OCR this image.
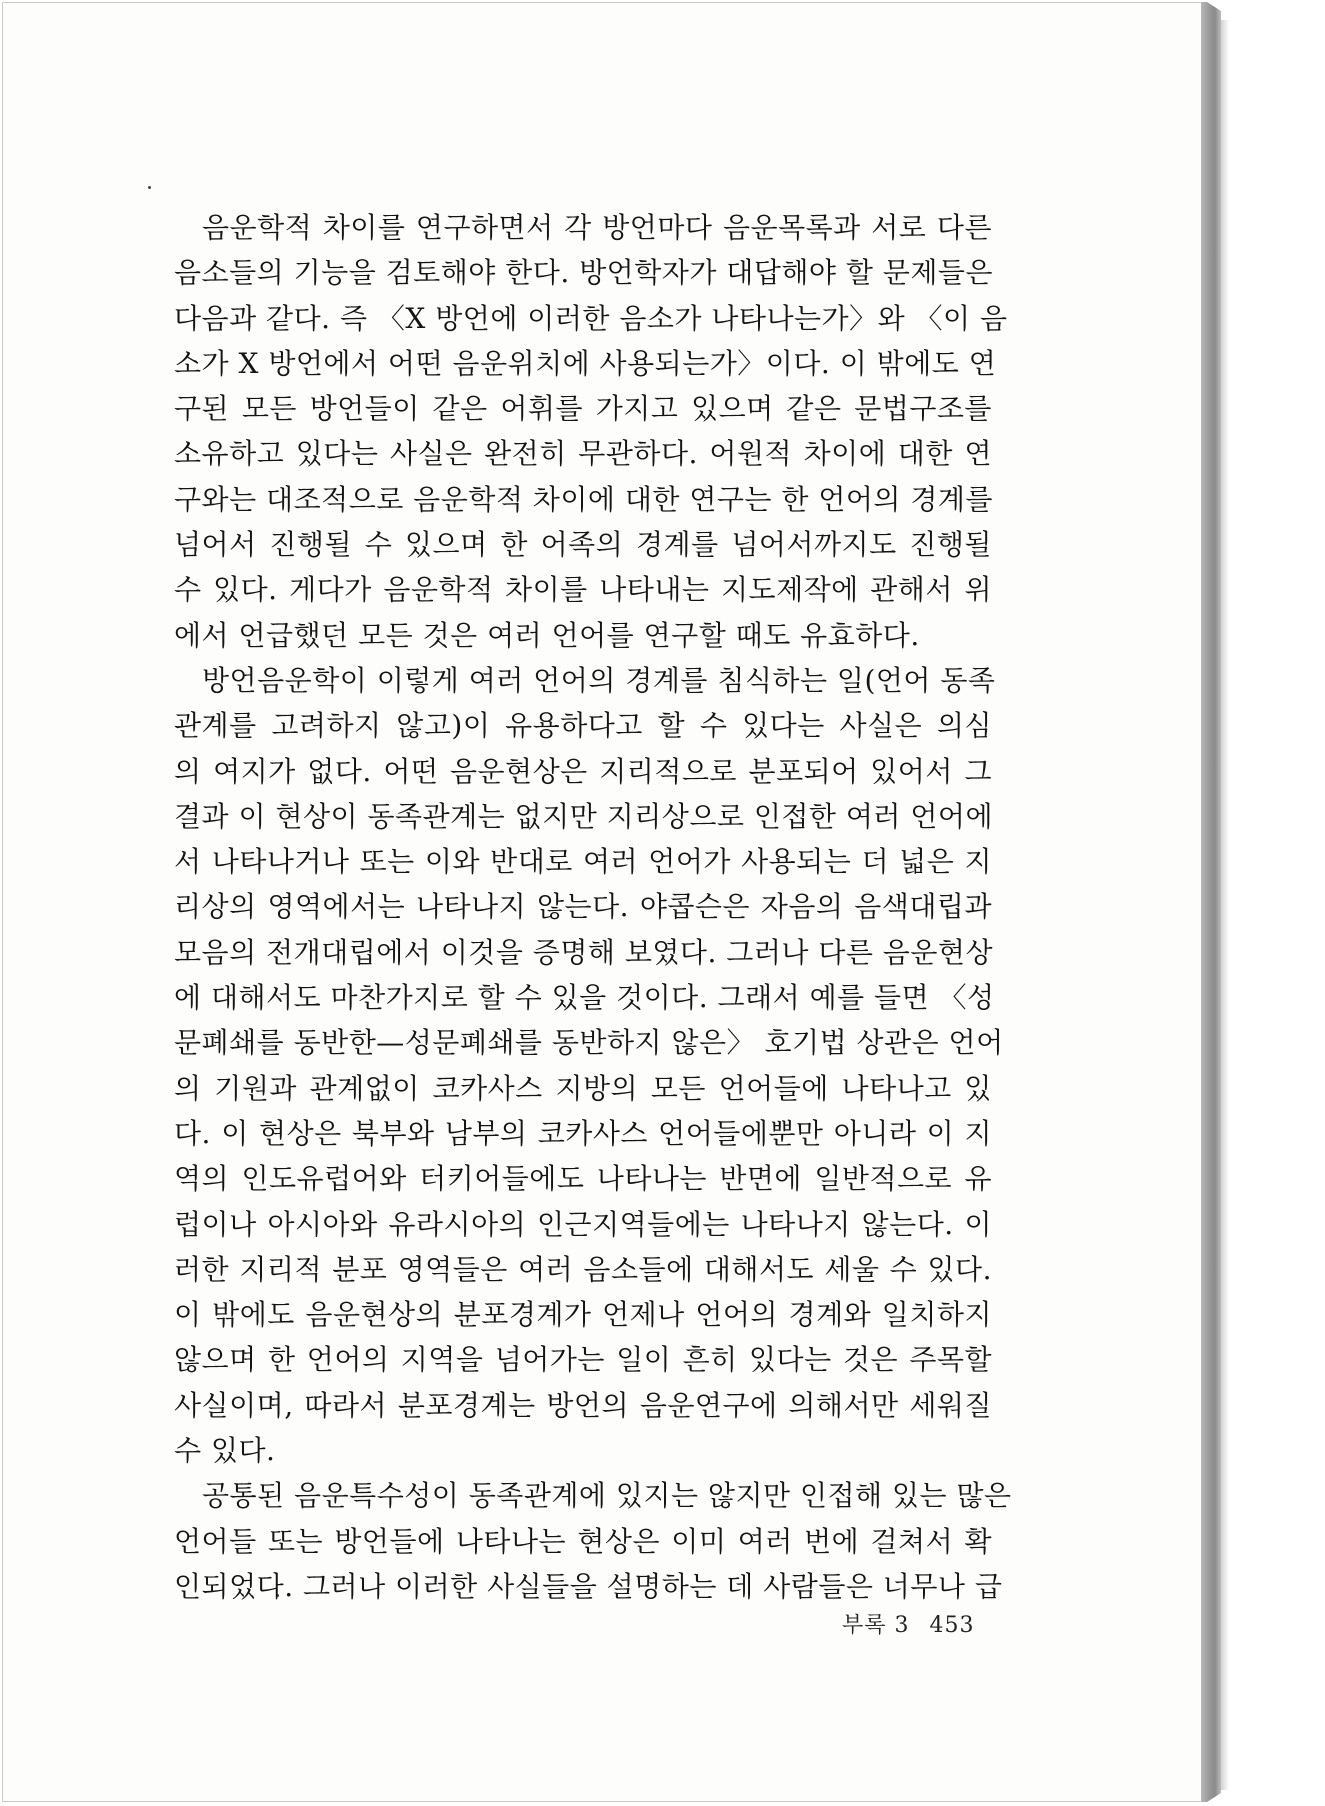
음운학적 차이를 연구하면서 각 방언마다 음운목록과 서로 다른
음소들의 기능을 검토해야 한다. 방언학자가 대답해야 할 문제들은
다음과 같다. 즉 〈X 방언에 이러한 음소가 나타나는가〉와 〈이 음
소가 X 방언에서 어떤 음운위치에 사용되는가〉이다. 이 밖에도 연
구된 모든 방언들이 같은 어휘를 가지고 있으며 같은 문법구조를
소유하고 있다는 사실은 완전히 무관하다. 어원적 차이에 대한 연
구와는 대조적으로 음운학적 차이에 대한 연구는 한 언어의 경계를
넘어서 진행될 수 있으며 한 어족의 경계를 넘어서까지도 진행될
수 있다. 게다가 음운학적 차이를 나타내는 지도제작에 관해서 위
에서 언급했던 모든 것은 여러 언어를 연구할 때도 유효하다.
방언음운학이 이렇게 여러 언어의 경계를 침식하는 일(언어 동족
관계를 고려하지 않고)이 유용하다고 할 수 있다는 사실은 의심
의 여지가 없다. 어떤 음운현상은 지리적으로 분포되어 있어서 그
결과 이 현상이 동족관계는 없지만 지리상으로 인접한 여러 언어에
서 나타나거나 또는 이와 반대로 여러 언어가 사용되는 더 넓은 지
리상의 영역에서는 나타나지 않는다. 야콥슨은 자음의 음색대립과
모음의 전개대립에서 이것을 증명해 보였다. 그러나 다른 음운현상
에 대해서도 마찬가지로 할 수 있을 것이다. 그래서 예를 들면 〈성
문폐쇄를 동반한—성문폐쇄를 동반하지 않은〉 호기법 상관은 언어
의 기원과 관계없이 코카사스 지방의 모든 언어들에 나타나고 있
다. 이 현상은 북부와 남부의 코카사스 언어들에뿐만 아니라 이 지
역의 인도유럽어와 터키어들에도 나타나는 반면에 일반적으로 유
럽이나 아시아와 유라시아의 인근지역들에는 나타나지 않는다. 이
러한 지리적 분포 영역들은 여러 음소들에 대해서도 세울 수 있다.
이 밖에도 음운현상의 분포경계가 언제나 언어의 경계와 일치하지
않으며 한 언어의 지역을 넘어가는 일이 흔히 있다는 것은 주목할
사실이며, 따라서 분포경계는 방언의 음운연구에 의해서만 세워질
수 있다.
공통된 음운특수성이 동족관계에 있지는 않지만 인접해 있는 많은
언어들 또는 방언들에 나타나는 현상은 이미 여러 번에 걸쳐서 확
인되었다. 그러나 이러한 사실들을 설명하는 데 사람들은 너무나 급
부록 3 453
